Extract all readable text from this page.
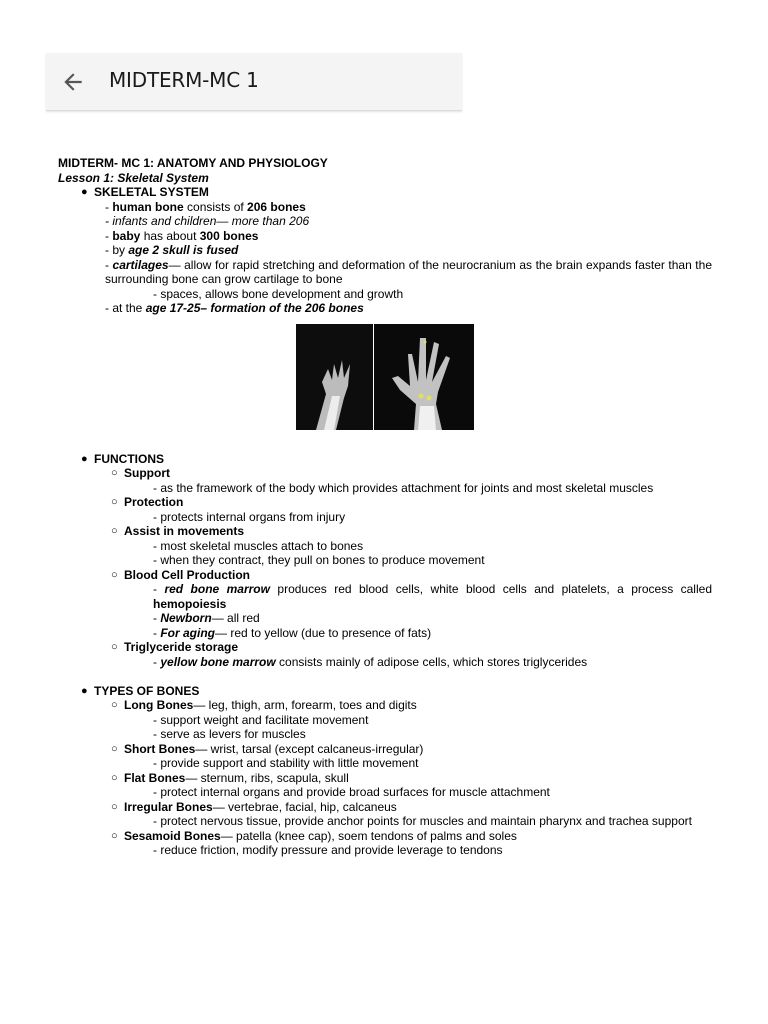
MIDTERM-MC 1
MIDTERM- MC 1: ANATOMY AND PHYSIOLOGY
Lesson 1: Skeletal System
● SKELETAL SYSTEM
- human bone consists of 206 bones
- infants and children— more than 206
- baby has about 300 bones
- by age 2 skull is fused
- cartilages— allow for rapid stretching and deformation of the neurocranium as the brain expands faster than the surrounding bone can grow cartilage to bone
- spaces, allows bone development and growth
- at the age 17-25– formation of the 206 bones
● FUNCTIONS
○ Support
- as the framework of the body which provides attachment for joints and most skeletal muscles
○ Protection
- protects internal organs from injury
○ Assist in movements
- most skeletal muscles attach to bones
- when they contract, they pull on bones to produce movement
○ Blood Cell Production
- red bone marrow produces red blood cells, white blood cells and platelets, a process called hemopoiesis
- Newborn— all red
- For aging— red to yellow (due to presence of fats)
○ Triglyceride storage
- yellow bone marrow consists mainly of adipose cells, which stores triglycerides
● TYPES OF BONES
○ Long Bones— leg, thigh, arm, forearm, toes and digits
- support weight and facilitate movement
- serve as levers for muscles
○ Short Bones— wrist, tarsal (except calcaneus-irregular)
- provide support and stability with little movement
○ Flat Bones— sternum, ribs, scapula, skull
- protect internal organs and provide broad surfaces for muscle attachment
○ Irregular Bones— vertebrae, facial, hip, calcaneus
- protect nervous tissue, provide anchor points for muscles and maintain pharynx and trachea support
○ Sesamoid Bones— patella (knee cap), soem tendons of palms and soles
- reduce friction, modify pressure and provide leverage to tendons
